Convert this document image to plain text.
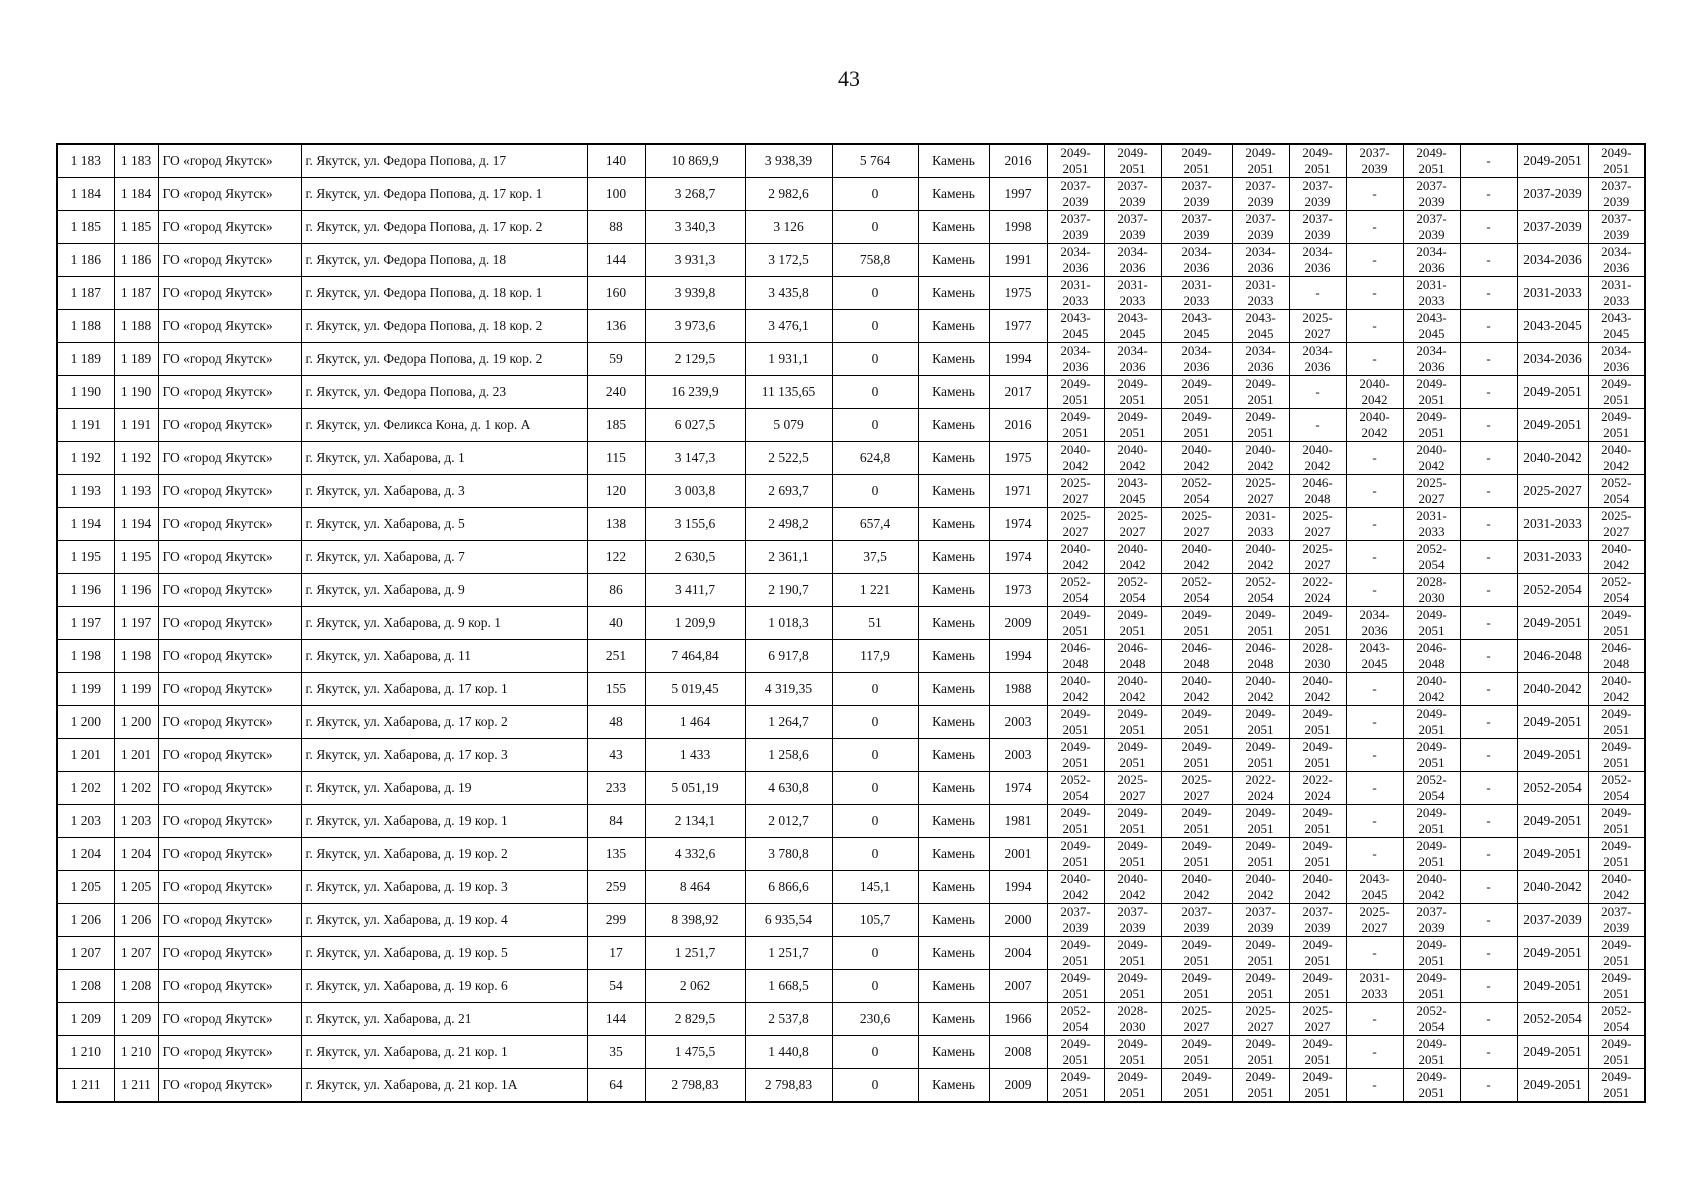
43
1 183	1 183	ГО «город Якутск»	г. Якутск, ул. Федора Попова, д. 17	140	10 869,9	3 938,39	5 764	Камень	2016	2049-
2051	2049-
2051	2049-
2051	2049-
2051	2049-
2051	2037-
2039	2049-
2051	-	2049-2051	2049-
2051
1 184	1 184	ГО «город Якутск»	г. Якутск, ул. Федора Попова, д. 17 кор. 1	100	3 268,7	2 982,6	0	Камень	1997	2037-
2039	2037-
2039	2037-
2039	2037-
2039	2037-
2039	-	2037-
2039	-	2037-2039	2037-
2039
1 185	1 185	ГО «город Якутск»	г. Якутск, ул. Федора Попова, д. 17 кор. 2	88	3 340,3	3 126	0	Камень	1998	2037-
2039	2037-
2039	2037-
2039	2037-
2039	2037-
2039	-	2037-
2039	-	2037-2039	2037-
2039
1 186	1 186	ГО «город Якутск»	г. Якутск, ул. Федора Попова, д. 18	144	3 931,3	3 172,5	758,8	Камень	1991	2034-
2036	2034-
2036	2034-
2036	2034-
2036	2034-
2036	-	2034-
2036	-	2034-2036	2034-
2036
1 187	1 187	ГО «город Якутск»	г. Якутск, ул. Федора Попова, д. 18 кор. 1	160	3 939,8	3 435,8	0	Камень	1975	2031-
2033	2031-
2033	2031-
2033	2031-
2033	-	-	2031-
2033	-	2031-2033	2031-
2033
1 188	1 188	ГО «город Якутск»	г. Якутск, ул. Федора Попова, д. 18 кор. 2	136	3 973,6	3 476,1	0	Камень	1977	2043-
2045	2043-
2045	2043-
2045	2043-
2045	2025-
2027	-	2043-
2045	-	2043-2045	2043-
2045
1 189	1 189	ГО «город Якутск»	г. Якутск, ул. Федора Попова, д. 19 кор. 2	59	2 129,5	1 931,1	0	Камень	1994	2034-
2036	2034-
2036	2034-
2036	2034-
2036	2034-
2036	-	2034-
2036	-	2034-2036	2034-
2036
1 190	1 190	ГО «город Якутск»	г. Якутск, ул. Федора Попова, д. 23	240	16 239,9	11 135,65	0	Камень	2017	2049-
2051	2049-
2051	2049-
2051	2049-
2051	-	2040-
2042	2049-
2051	-	2049-2051	2049-
2051
1 191	1 191	ГО «город Якутск»	г. Якутск, ул. Феликса Кона, д. 1 кор. А	185	6 027,5	5 079	0	Камень	2016	2049-
2051	2049-
2051	2049-
2051	2049-
2051	-	2040-
2042	2049-
2051	-	2049-2051	2049-
2051
1 192	1 192	ГО «город Якутск»	г. Якутск, ул. Хабарова, д. 1	115	3 147,3	2 522,5	624,8	Камень	1975	2040-
2042	2040-
2042	2040-
2042	2040-
2042	2040-
2042	-	2040-
2042	-	2040-2042	2040-
2042
1 193	1 193	ГО «город Якутск»	г. Якутск, ул. Хабарова, д. 3	120	3 003,8	2 693,7	0	Камень	1971	2025-
2027	2043-
2045	2052-
2054	2025-
2027	2046-
2048	-	2025-
2027	-	2025-2027	2052-
2054
1 194	1 194	ГО «город Якутск»	г. Якутск, ул. Хабарова, д. 5	138	3 155,6	2 498,2	657,4	Камень	1974	2025-
2027	2025-
2027	2025-
2027	2031-
2033	2025-
2027	-	2031-
2033	-	2031-2033	2025-
2027
1 195	1 195	ГО «город Якутск»	г. Якутск, ул. Хабарова, д. 7	122	2 630,5	2 361,1	37,5	Камень	1974	2040-
2042	2040-
2042	2040-
2042	2040-
2042	2025-
2027	-	2052-
2054	-	2031-2033	2040-
2042
1 196	1 196	ГО «город Якутск»	г. Якутск, ул. Хабарова, д. 9	86	3 411,7	2 190,7	1 221	Камень	1973	2052-
2054	2052-
2054	2052-
2054	2052-
2054	2022-
2024	-	2028-
2030	-	2052-2054	2052-
2054
1 197	1 197	ГО «город Якутск»	г. Якутск, ул. Хабарова, д. 9 кор. 1	40	1 209,9	1 018,3	51	Камень	2009	2049-
2051	2049-
2051	2049-
2051	2049-
2051	2049-
2051	2034-
2036	2049-
2051	-	2049-2051	2049-
2051
1 198	1 198	ГО «город Якутск»	г. Якутск, ул. Хабарова, д. 11	251	7 464,84	6 917,8	117,9	Камень	1994	2046-
2048	2046-
2048	2046-
2048	2046-
2048	2028-
2030	2043-
2045	2046-
2048	-	2046-2048	2046-
2048
1 199	1 199	ГО «город Якутск»	г. Якутск, ул. Хабарова, д. 17 кор. 1	155	5 019,45	4 319,35	0	Камень	1988	2040-
2042	2040-
2042	2040-
2042	2040-
2042	2040-
2042	-	2040-
2042	-	2040-2042	2040-
2042
1 200	1 200	ГО «город Якутск»	г. Якутск, ул. Хабарова, д. 17 кор. 2	48	1 464	1 264,7	0	Камень	2003	2049-
2051	2049-
2051	2049-
2051	2049-
2051	2049-
2051	-	2049-
2051	-	2049-2051	2049-
2051
1 201	1 201	ГО «город Якутск»	г. Якутск, ул. Хабарова, д. 17 кор. 3	43	1 433	1 258,6	0	Камень	2003	2049-
2051	2049-
2051	2049-
2051	2049-
2051	2049-
2051	-	2049-
2051	-	2049-2051	2049-
2051
1 202	1 202	ГО «город Якутск»	г. Якутск, ул. Хабарова, д. 19	233	5 051,19	4 630,8	0	Камень	1974	2052-
2054	2025-
2027	2025-
2027	2022-
2024	2022-
2024	-	2052-
2054	-	2052-2054	2052-
2054
1 203	1 203	ГО «город Якутск»	г. Якутск, ул. Хабарова, д. 19 кор. 1	84	2 134,1	2 012,7	0	Камень	1981	2049-
2051	2049-
2051	2049-
2051	2049-
2051	2049-
2051	-	2049-
2051	-	2049-2051	2049-
2051
1 204	1 204	ГО «город Якутск»	г. Якутск, ул. Хабарова, д. 19 кор. 2	135	4 332,6	3 780,8	0	Камень	2001	2049-
2051	2049-
2051	2049-
2051	2049-
2051	2049-
2051	-	2049-
2051	-	2049-2051	2049-
2051
1 205	1 205	ГО «город Якутск»	г. Якутск, ул. Хабарова, д. 19 кор. 3	259	8 464	6 866,6	145,1	Камень	1994	2040-
2042	2040-
2042	2040-
2042	2040-
2042	2040-
2042	2043-
2045	2040-
2042	-	2040-2042	2040-
2042
1 206	1 206	ГО «город Якутск»	г. Якутск, ул. Хабарова, д. 19 кор. 4	299	8 398,92	6 935,54	105,7	Камень	2000	2037-
2039	2037-
2039	2037-
2039	2037-
2039	2037-
2039	2025-
2027	2037-
2039	-	2037-2039	2037-
2039
1 207	1 207	ГО «город Якутск»	г. Якутск, ул. Хабарова, д. 19 кор. 5	17	1 251,7	1 251,7	0	Камень	2004	2049-
2051	2049-
2051	2049-
2051	2049-
2051	2049-
2051	-	2049-
2051	-	2049-2051	2049-
2051
1 208	1 208	ГО «город Якутск»	г. Якутск, ул. Хабарова, д. 19 кор. 6	54	2 062	1 668,5	0	Камень	2007	2049-
2051	2049-
2051	2049-
2051	2049-
2051	2049-
2051	2031-
2033	2049-
2051	-	2049-2051	2049-
2051
1 209	1 209	ГО «город Якутск»	г. Якутск, ул. Хабарова, д. 21	144	2 829,5	2 537,8	230,6	Камень	1966	2052-
2054	2028-
2030	2025-
2027	2025-
2027	2025-
2027	-	2052-
2054	-	2052-2054	2052-
2054
1 210	1 210	ГО «город Якутск»	г. Якутск, ул. Хабарова, д. 21 кор. 1	35	1 475,5	1 440,8	0	Камень	2008	2049-
2051	2049-
2051	2049-
2051	2049-
2051	2049-
2051	-	2049-
2051	-	2049-2051	2049-
2051
1 211	1 211	ГО «город Якутск»	г. Якутск, ул. Хабарова, д. 21 кор. 1А	64	2 798,83	2 798,83	0	Камень	2009	2049-
2051	2049-
2051	2049-
2051	2049-
2051	2049-
2051	-	2049-
2051	-	2049-2051	2049-
2051
